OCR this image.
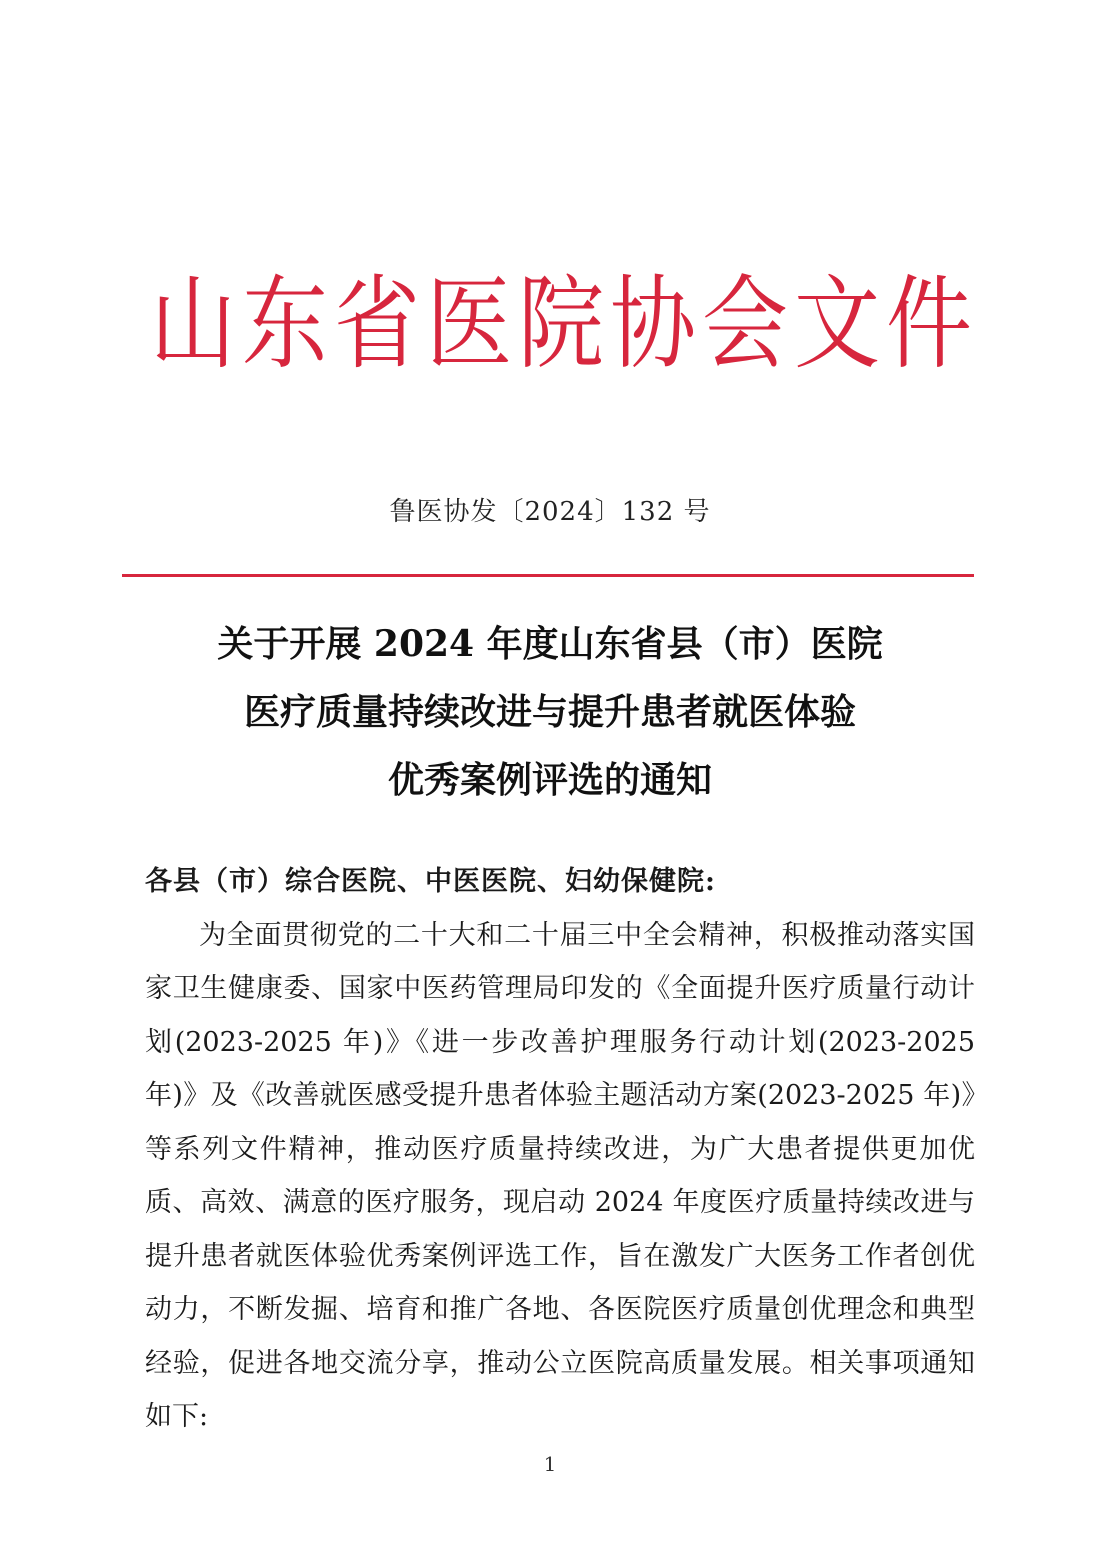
山东省医院协会文件
鲁医协发〔2024〕132 号
关于开展 2024 年度山东省县（市）医院
医疗质量持续改进与提升患者就医体验
优秀案例评选的通知
各县（市）综合医院、中医医院、妇幼保健院:
为全面贯彻党的二十大和二十届三中全会精神，积极推动落实国家卫生健康委、国家中医药管理局印发的《全面提升医疗质量行动计划(2023-2025 年)》《进一步改善护理服务行动计划(2023-2025 年)》及《改善就医感受提升患者体验主题活动方案(2023-2025 年)》等系列文件精神，推动医疗质量持续改进，为广大患者提供更加优质、高效、满意的医疗服务，现启动 2024 年度医疗质量持续改进与提升患者就医体验优秀案例评选工作，旨在激发广大医务工作者创优动力，不断发掘、培育和推广各地、各医院医疗质量创优理念和典型经验，促进各地交流分享，推动公立医院高质量发展。相关事项通知如下:
1
